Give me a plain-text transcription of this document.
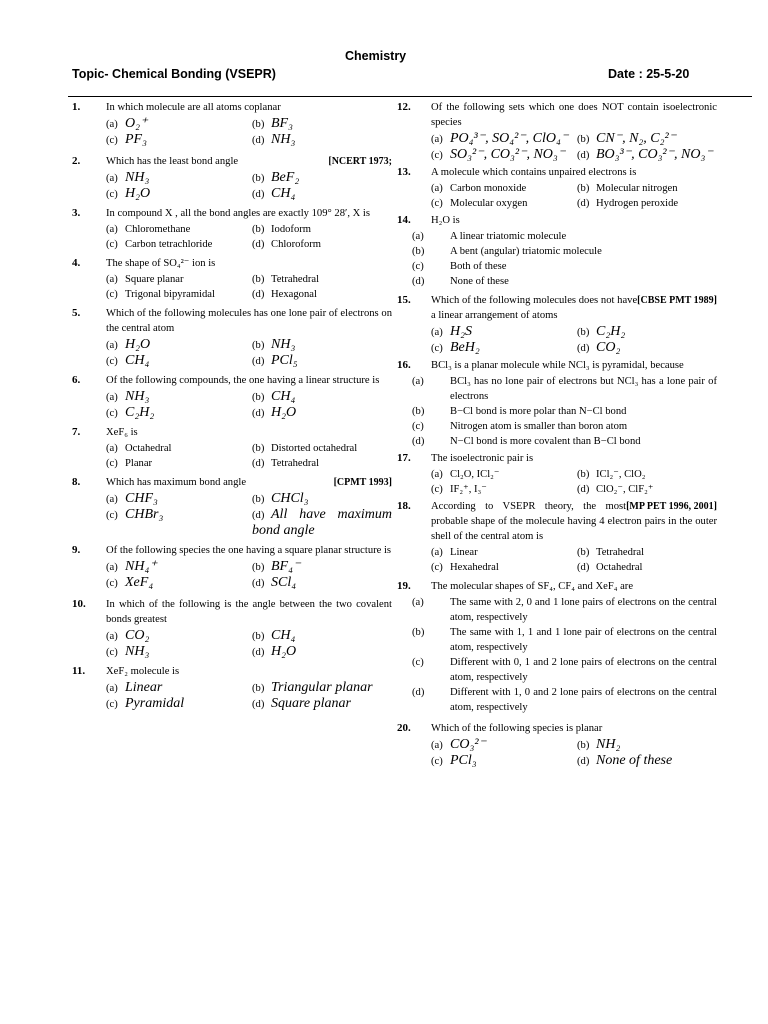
Chemistry
Topic- Chemical Bonding (VSEPR)	Date : 25-5-20
1. In which molecule are all atoms coplanar
(a) O₂⁺	(b) BF₃
(c) PF₃	(d) NH₃
2.	[NCERT 1973;
Which has the least bond angle
(a) NH₃	(b) BeF₂
(c) H₂O	(d) CH₄
3. In compound X , all the bond angles are exactly 109° 28′, X is
(a) Chloromethane	(b) Iodoform
(c) Carbon tetrachloride	(d) Chloroform
4. The shape of SO₄²⁻ ion is
(a) Square planar	(b) Tetrahedral
(c) Trigonal bipyramidal	(d) Hexagonal
5. Which of the following molecules has one lone pair of electrons on the central atom
(a) H₂O	(b) NH₃
(c) CH₄	(d) PCl₅
6. Of the following compounds, the one having a linear structure is
(a) NH₃	(b) CH₄
(c) C₂H₂	(d) H₂O
7. XeF₆ is
(a) Octahedral	(b) Distorted octahedral
(c) Planar	(d) Tetrahedral
8.	[CPMT 1993]
Which has maximum bond angle
(a) CHF₃	(b) CHCl₃
(c) CHBr₃	(d) All have maximum bond angle
9. Of the following species the one having a square planar structure is
(a) NH₄⁺	(b) BF₄⁻
(c) XeF₄	(d) SCl₄
10. In which of the following is the angle between the two covalent bonds greatest
(a) CO₂	(b) CH₄
(c) NH₃	(d) H₂O
11. XeF₂ molecule is
(a) Linear	(b) Triangular planar
(c) Pyramidal	(d) Square planar
12. Of the following sets which one does NOT contain isoelectronic species
(a) PO₄³⁻, SO₄²⁻, ClO₄⁻ (b) CN⁻, N₂, C₂²⁻
(c) SO₃²⁻, CO₃²⁻, NO₃⁻	(d) BO₃³⁻, CO₃²⁻, NO₃⁻
13. A molecule which contains unpaired electrons is
(a) Carbon monoxide	(b) Molecular nitrogen
(c) Molecular oxygen	(d) Hydrogen peroxide
14. H₂O is
(a) A linear triatomic molecule
(b) A bent (angular) triatomic molecule
(c) Both of these
(d) None of these
15.	[CBSE PMT 1989]
Which of the following molecules does not have a linear arrangement of atoms
(a) H₂S	(b) C₂H₂
(c) BeH₂	(d) CO₂
16. BCl₃ is a planar molecule while NCl₃ is pyramidal, because
(a) BCl₃ has no lone pair of electrons but NCl₃ has a lone pair of electrons
(b) B−Cl bond is more polar than N−Cl bond
(c) Nitrogen atom is smaller than boron atom
(d) N−Cl bond is more covalent than B−Cl bond
17. The isoelectronic pair is
(a) Cl₂O, ICl₂⁻	(b) ICl₂⁻, ClO₂
(c) IF₂⁺, I₃⁻	(d) ClO₂⁻, ClF₂⁺
18.	[MP PET 1996, 2001]
According to VSEPR theory, the most probable shape of the molecule having 4 electron pairs in the outer shell of the central atom is
(a) Linear	(b) Tetrahedral
(c) Hexahedral	(d) Octahedral
19. The molecular shapes of SF₄, CF₄ and XeF₄ are
(a) The same with 2, 0 and 1 lone pairs of electrons on the central atom, respectively
(b) The same with 1, 1 and 1 lone pair of electrons on the central atom, respectively
(c) Different with 0, 1 and 2 lone pairs of electrons on the central atom, respectively
(d) Different with 1, 0 and 2 lone pairs of electrons on the central atom, respectively
20. Which of the following species is planar
(a) CO₃²⁻	(b) NH₂
(c) PCl₃	(d) None of these
